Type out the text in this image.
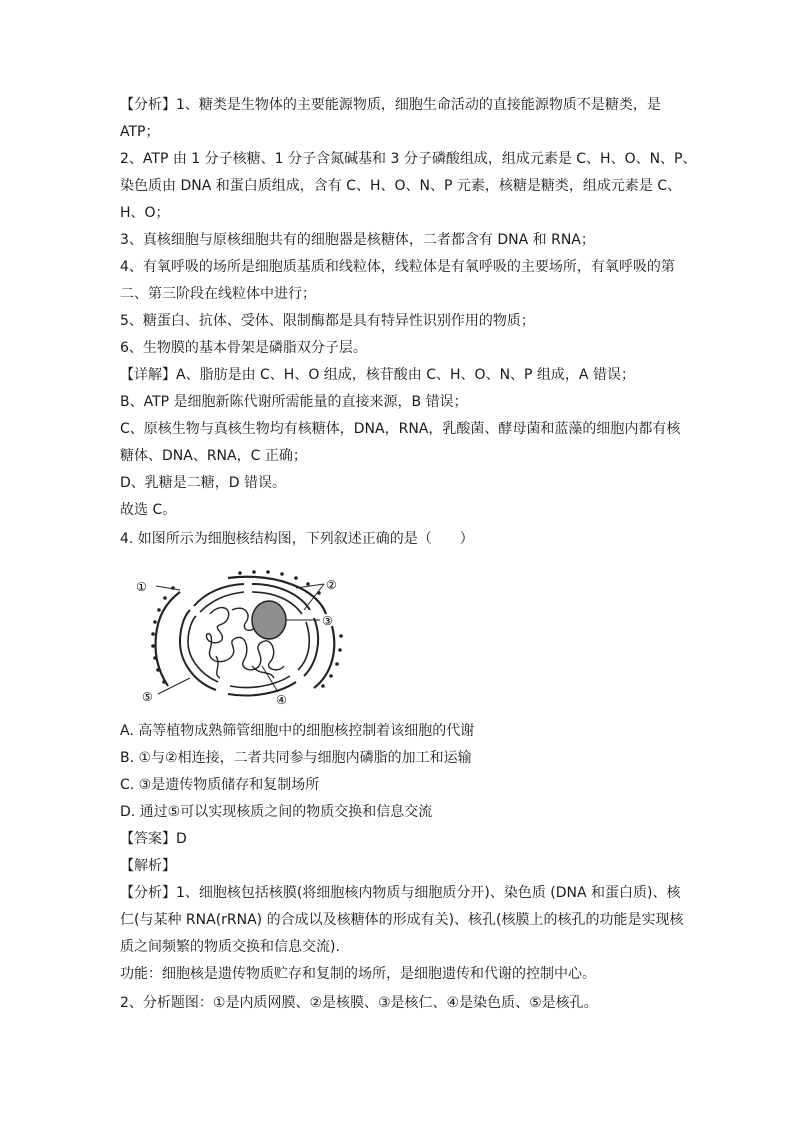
【分析】1、糖类是生物体的主要能源物质，细胞生命活动的直接能源物质不是糖类，是
ATP；
2、ATP 由 1 分子核糖、1 分子含氮碱基和 3 分子磷酸组成，组成元素是 C、H、O、N、P、
染色质由 DNA 和蛋白质组成，含有 C、H、O、N、P 元素，核糖是糖类，组成元素是 C、
H、O；
3、真核细胞与原核细胞共有的细胞器是核糖体，二者都含有 DNA 和 RNA；
4、有氧呼吸的场所是细胞质基质和线粒体，线粒体是有氧呼吸的主要场所，有氧呼吸的第
二、第三阶段在线粒体中进行；
5、糖蛋白、抗体、受体、限制酶都是具有特异性识别作用的物质；
6、生物膜的基本骨架是磷脂双分子层。
【详解】A、脂肪是由 C、H、O 组成，核苷酸由 C、H、O、N、P 组成，A 错误；
B、ATP 是细胞新陈代谢所需能量的直接来源，B 错误；
C、原核生物与真核生物均有核糖体，DNA，RNA，乳酸菌、酵母菌和蓝藻的细胞内都有核
糖体、DNA、RNA，C 正确；
D、乳糖是二糖，D 错误。
故选 C。
4. 如图所示为细胞核结构图，下列叙述正确的是（　　）
①	②
③
④
⑤
A. 高等植物成熟筛管细胞中的细胞核控制着该细胞的代谢
B. ①与②相连接，二者共同参与细胞内磷脂的加工和运输
C. ③是遗传物质储存和复制场所
D. 通过⑤可以实现核质之间的物质交换和信息交流
【答案】D
【解析】
【分析】1、细胞核包括核膜(将细胞核内物质与细胞质分开)、染色质 (DNA 和蛋白质)、核
仁(与某种 RNA(rRNA) 的合成以及核糖体的形成有关)、核孔(核膜上的核孔的功能是实现核
质之间频繁的物质交换和信息交流).
功能：细胞核是遗传物质贮存和复制的场所，是细胞遗传和代谢的控制中心。
2、分析题图：①是内质网膜、②是核膜、③是核仁、④是染色质、⑤是核孔。
